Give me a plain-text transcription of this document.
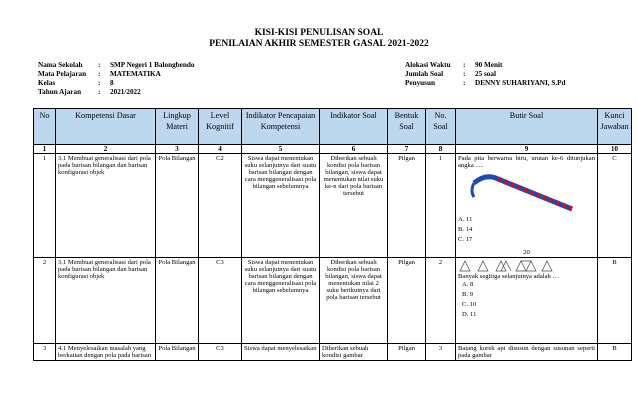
KISI-KISI PENULISAN SOAL
PENILAIAN AKHIR SEMESTER GASAL 2021-2022
Nama Sekolah : SMP Negeri 1 Balongbendo
Mata Pelajaran : MATEMATIKA
Kelas	: 8
Tahun Ajaran : 2021/2022
Alokasi Waktu : 90 Menit
Jumlah Soal	: 25 soal
Penyusun	: DENNY SUHARIYANI, S.Pd
No	Kompetensi Dasar	Lingkup Materi	Level Kognitif	Indikator Pencapaian Kompetensi	Indikator Soal	Bentuk Soal	No. Soal	Butir Soal	Kunci Jawaban
1	2	3	4	5	6	7	8	9	10
1	3.1 Membuat generalisasi dari pola pada barisan bilangan dan barisan konfigurasi objek	Pola Bilangan	C2	Siswa dapat menentukan suku selanjutnya dari suatu barisan bilangan dengan cara menggeneralisasi pola bilangan sebelumnya	Diberikan sebuah kondisi pola barisan bilangan, siswa dapat menentukan nilai suku ke-n dari pola barisan tersebut	Pilgan	1	Pada pita berwarna biru, urutan ke-6 ditunjukan angka .....
A. 11
B. 14
C. 17
20	C
2	3.1 Membuat generalisasi dari pola pada barisan bilangan dan barisan konfigurasi objek	Pola Bilangan	C3	Siswa dapat menentukan suku selanjutnya dari suatu barisan bilangan dengan cara menggeneralisasi pola bilangan sebelumnya	Diberikan sebuah kondisi pola barisan bilangan, siswa dapat menentukan nilai 2 suku berikutnya dari pola barisan tersebut	Pilgan	2	Banyak segitiga selanjutnya adalah …
A. 8
B. 9
C. 10
D. 11	B
3	4.1 Menyelesaikan masalah yang berkaitan dengan pola pada barisan	Pola Bilangan	C3	Siswa dapat menyelesaikan	Diberikan sebuah kondisi gambar	Pilgan	3	Batang korek api disusun dengan susunan seperti pada gambar	B
